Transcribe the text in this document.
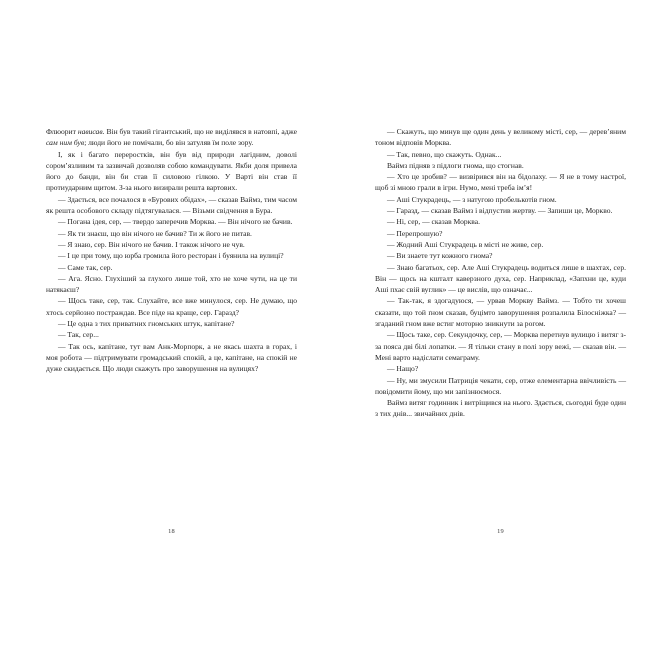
Флюорит нависав. Він був такий гігантський, що не виділявся в натовпі, адже сам ним був; люди його не помічали, бо він затуляв їм поле зору.

І, як і багато переростків, він був від природи лагідним, доволі сором’язливим та зазвичай дозволяв собою командувати. Якби доля привела його до банди, він би став її силовою гілкою. У Варті він став її протиударним щитом. З-за нього визирали решта вартових.

— Здається, все почалося в «Бурових обідах», — сказав Ваймз, тим часом як решта особового складу підтягувалася. — Візьми свідчення в Бура.

— Погана ідея, сер, — твердо заперечив Морква. — Він нічого не бачив.

— Як ти знаєш, що він нічого не бачив? Ти ж його не питав.

— Я знаю, сер. Він нічого не бачив. І також нічого не чув.

— І це при тому, що юрба громила його ресторан і буянила на вулиці?

— Саме так, сер.

— Ага. Ясно. Глухіший за глухого лише той, хто не хоче чути, на це ти натякаєш?

— Щось таке, сер, так. Слухайте, все вже минулося, сер. Не думаю, що хтось серйозно постраждав. Все піде на краще, сер. Гаразд?

— Це одна з тих приватних гномських штук, капітане?

— Так, сер...

— Так ось, капітане, тут вам Анк-Морпорк, а не якась шахта в горах, і моя робота — підтримувати громадський спокій, а це, капітане, на спокій не дуже скидається. Що люди скажуть про заворушення на вулицях?

18

— Скажуть, що минув ще один день у великому місті, сер, — дерев’яним тоном відповів Морква.

— Так, певно, що скажуть. Однак...

Ваймз підняв з підлоги гнома, що стогнав.

— Хто це зробив? — визвірився він на бідолаху. — Я не в тому настрої, щоб зі мною грали в ігри. Нумо, мені треба ім’я!

— Аші Стукрадець, — з натугою пробелькотів гном.

— Гаразд, — сказав Ваймз і відпустив жертву. — Запиши це, Моркво.

— Ні, сер, — сказав Морква.

— Перепрошую?

— Жодний Аші Стукрадець в місті не живе, сер.

— Ви знаете тут кожного гнома?

— Знаю багатьох, сер. Але Аші Стукрадець водиться лише в шахтах, сер. Він — щось на кшталт каверзного духа, сер. Наприклад, «Запхни це, куди Аші пхає свій вуглик» — це вислів, що означає...

— Так-так, я здогадуюся, — урвав Моркву Ваймз. — Тобто ти хочеш сказати, що той ґном сказав, буцімто заворушення розпалила Білосніжка? — згаданий гном вже встиг моторно зникнути за рогом.

— Щось таке, сер. Секундочку, сер, — Морква перетнув вулицю і витяг з-за пояса дві білі лопатки. — Я тільки стану в полі зору вежі, — сказав він. — Мені варто надіслати семаграму.

— Нащо?

— Ну, ми змусили Патриція чекати, сер, отже елементарна ввічливість — повідомити йому, що ми запізнюємося.

Ваймз витяг годинник і витріщився на нього. Здається, сьогодні буде один з тих днів... звичайних днів.

19
